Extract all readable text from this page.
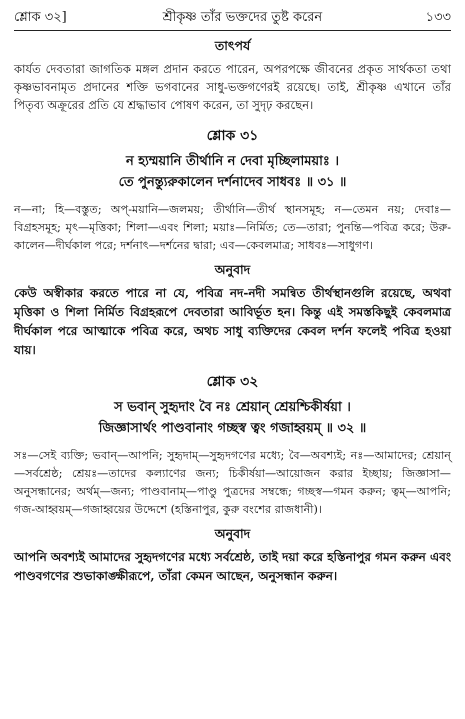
শ্লোক ৩২]	শ্রীকৃষ্ণ তাঁর ভক্তদের তুষ্ট করেন	১৩৩
তাৎপর্য

কার্যত দেবতারা জাগতিক মঙ্গল প্রদান করতে পারেন, অপরপক্ষে জীবনের প্রকৃত সার্থকতা তথা কৃষ্ণভাবনামৃত প্রদানের শক্তি ভগবানের সাধু-ভক্তগণেরই রয়েছে। তাই, শ্রীকৃষ্ণ এখানে তাঁর পিতৃব্য অক্রূরের প্রতি যে শ্রদ্ধাভাব পোষণ করেন, তা সুদৃঢ় করছেন।

শ্লোক ৩১
ন হ্যম্ময়ানি তীর্থানি ন দেবা মৃচ্ছিলাময়াঃ ।
তে পুনন্ত্যুরুকালেন দর্শনাদেব সাধবঃ ॥ ৩১ ॥
ন—না; হি—বস্তুত; অপ্‌-ময়ানি—জলময়; তীর্থানি—তীর্থ স্থানসমূহ; ন—তেমন নয়; দেবাঃ—বিগ্রহসমূহ; মৃৎ—মৃত্তিকা; শিলা—এবং শিলা; ময়াঃ—নির্মিত; তে—তারা; পুনন্তি—পবিত্র করে; উরু-কালেন—দীর্ঘকাল পরে; দর্শনাৎ—দর্শনের দ্বারা; এব—কেবলমাত্র; সাধবঃ—সাধুগণ।
অনুবাদ

কেউ অস্বীকার করতে পারে না যে, পবিত্র নদ-নদী সমন্বিত তীর্থস্থানগুলি রয়েছে, অথবা মৃত্তিকা ও শিলা নির্মিত বিগ্রহরূপে দেবতারা আবির্ভূত হন। কিন্তু এই সমস্তকিছুই কেবলমাত্র দীর্ঘকাল পরে আত্মাকে পবিত্র করে, অথচ সাধু ব্যক্তিদের কেবল দর্শন ফলেই পবিত্র হওয়া যায়।

শ্লোক ৩২
স ভবান্‌ সুহৃদাং বৈ নঃ শ্রেয়ান্‌ শ্রেয়শ্চিকীর্ষয়া ।
জিজ্ঞাসার্থং পাণ্ডবানাং গচ্ছস্ব ত্বং গজাহ্বয়ম্‌ ॥ ৩২ ॥
সঃ—সেই ব্যক্তি; ভবান্‌—আপনি; সুহৃদাম্‌—সুহৃদগণের মধ্যে; বৈ—অবশ্যই; নঃ—আমাদের; শ্রেয়ান্‌—সর্বশ্রেষ্ঠ; শ্রেয়ঃ—তাদের কল্যাণের জন্য; চিকীর্ষয়া—আয়োজন করার ইচ্ছায়; জিজ্ঞাসা—অনুসন্ধানের; অর্থম্‌—জন্য; পাণ্ডবানাম্‌—পাণ্ডু পুত্রদের সম্বন্ধে; গচ্ছস্ব—গমন করুন; ত্বম্‌—আপনি; গজ-আহ্বয়ম্‌—গজাহ্বয়ের উদ্দেশে (হস্তিনাপুর, কুরু বংশের রাজধানী)।
অনুবাদ

আপনি অবশ্যই আমাদের সুহৃদগণের মধ্যে সর্বশ্রেষ্ঠ, তাই দয়া করে হস্তিনাপুর গমন করুন এবং পাণ্ডবগণের শুভাকাঙ্ক্ষীরূপে, তাঁরা কেমন আছেন, অনুসন্ধান করুন।
